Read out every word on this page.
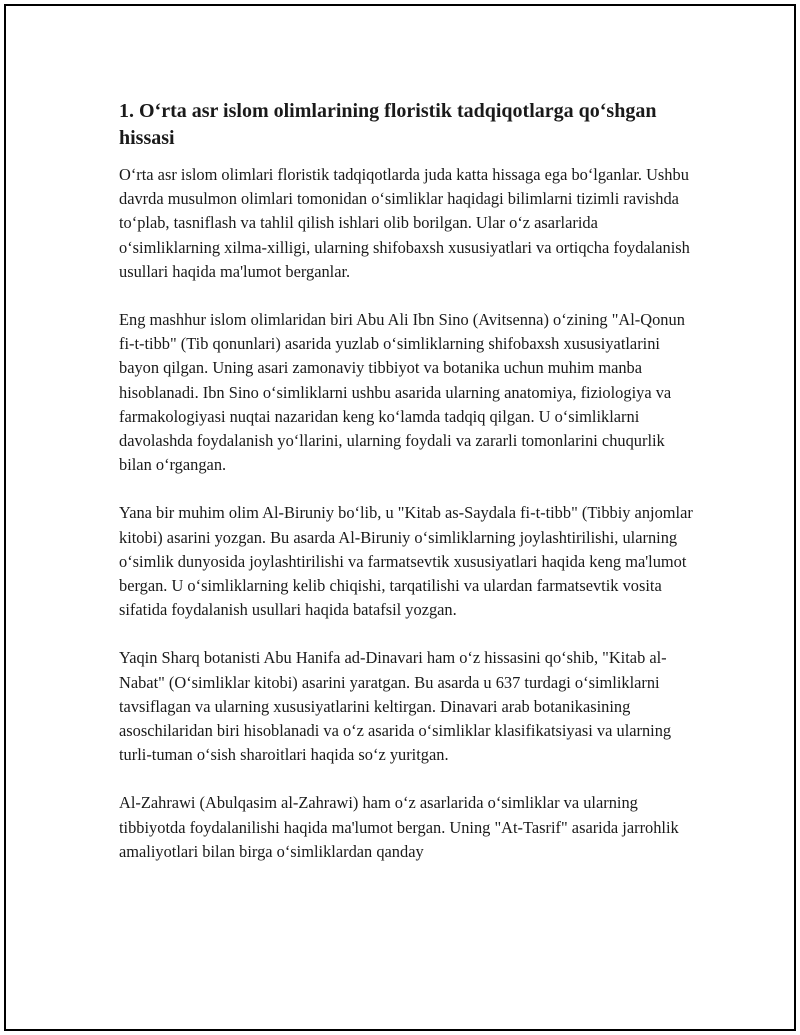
1. O‘rta asr islom olimlarining floristik tadqiqotlarga qo‘shgan hissasi

O‘rta asr islom olimlari floristik tadqiqotlarda juda katta hissaga ega bo‘lganlar. Ushbu davrda musulmon olimlari tomonidan o‘simliklar haqidagi bilimlarni tizimli ravishda to‘plab, tasniflash va tahlil qilish ishlari olib borilgan. Ular o‘z asarlarida o‘simliklarning xilma-xilligi, ularning shifobaxsh xususiyatlari va ortiqcha foydalanish usullari haqida ma'lumot berganlar.

Eng mashhur islom olimlaridan biri Abu Ali Ibn Sino (Avitsenna) o‘zining "Al-Qonun fi-t-tibb" (Tib qonunlari) asarida yuzlab o‘simliklarning shifobaxsh xususiyatlarini bayon qilgan. Uning asari zamonaviy tibbiyot va botanika uchun muhim manba hisoblanadi. Ibn Sino o‘simliklarni ushbu asarida ularning anatomiya, fiziologiya va farmakologiyasi nuqtai nazaridan keng ko‘lamda tadqiq qilgan. U o‘simliklarni davolashda foydalanish yo‘llarini, ularning foydali va zararli tomonlarini chuqurlik bilan o‘rgangan.

Yana bir muhim olim Al-Biruniy bo‘lib, u "Kitab as-Saydala fi-t-tibb" (Tibbiy anjomlar kitobi) asarini yozgan. Bu asarda Al-Biruniy o‘simliklarning joylashtirilishi, ularning o‘simlik dunyosida joylashtirilishi va farmatsevtik xususiyatlari haqida keng ma'lumot bergan. U o‘simliklarning kelib chiqishi, tarqatilishi va ulardan farmatsevtik vosita sifatida foydalanish usullari haqida batafsil yozgan.

Yaqin Sharq botanisti Abu Hanifa ad-Dinavari ham o‘z hissasini qo‘shib, "Kitab al-Nabat" (O‘simliklar kitobi) asarini yaratgan. Bu asarda u 637 turdagi o‘simliklarni tavsiflagan va ularning xususiyatlarini keltirgan. Dinavari arab botanikasining asoschilaridan biri hisoblanadi va o‘z asarida o‘simliklar klasifikatsiyasi va ularning turli-tuman o‘sish sharoitlari haqida so‘z yuritgan.

Al-Zahrawi (Abulqasim al-Zahrawi) ham o‘z asarlarida o‘simliklar va ularning tibbiyotda foydalanilishi haqida ma'lumot bergan. Uning "At-Tasrif" asarida jarrohlik amaliyotlari bilan birga o‘simliklardan qanday
